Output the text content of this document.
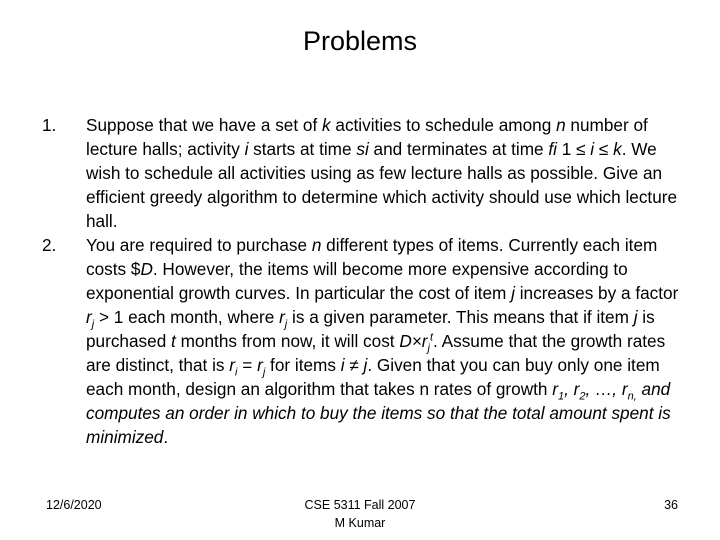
Problems
1. Suppose that we have a set of k activities to schedule among n number of lecture halls; activity i starts at time si and terminates at time fi 1 ≤ i ≤ k. We wish to schedule all activities using as few lecture halls as possible. Give an efficient greedy algorithm to determine which activity should use which lecture hall.
2. You are required to purchase n different types of items. Currently each item costs $D. However, the items will become more expensive according to exponential growth curves. In particular the cost of item j increases by a factor $r_j > 1$ each month, where $r_j$ is a given parameter. This means that if item j is purchased t months from now, it will cost $D\times r_j^t$. Assume that the growth rates are distinct, that is $r_i = r_j$ for items i ≠ j. Given that you can buy only one item each month, design an algorithm that takes n rates of growth $r_1$, $r_2$, …, $r_{n,}$ and computes an order in which to buy the items so that the total amount spent is minimized.
12/6/2020	CSE 5311 Fall 2007
M Kumar
36
